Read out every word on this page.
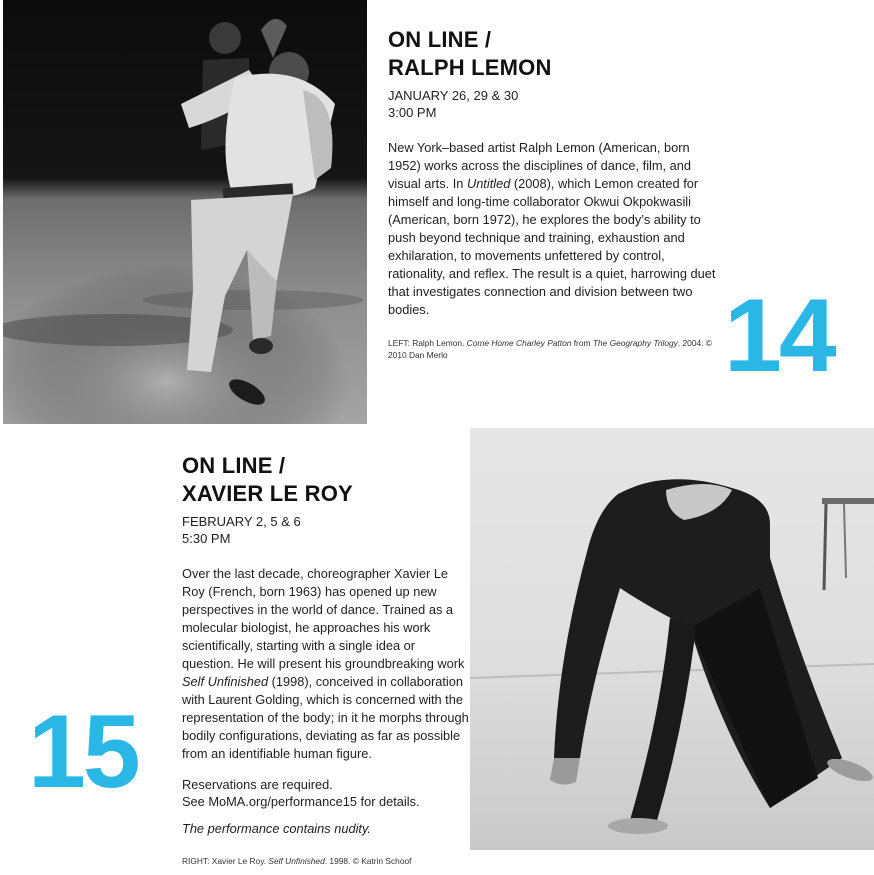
ON LINE /
RALPH LEMON
JANUARY 26, 29 & 30
3:00 PM

New York–based artist Ralph Lemon (American, born 1952) works across the disciplines of dance, film, and visual arts. In Untitled (2008), which Lemon created for himself and long-time collaborator Okwui Okpokwasili (American, born 1972), he explores the body’s ability to push beyond technique and training, exhaustion and exhilaration, to movements unfettered by control, rationality, and reflex. The result is a quiet, harrowing duet that investigates connection and division between two bodies.

LEFT: Ralph Lemon. Come Home Charley Patton from The Geography Trilogy. 2004. © 2010 Dan Merlo	14
ON LINE /
XAVIER LE ROY
FEBRUARY 2, 5 & 6
5:30 PM

Over the last decade, choreographer Xavier Le Roy (French, born 1963) has opened up new perspectives in the world of dance. Trained as a molecular biologist, he approaches his work scientifically, starting with a single idea or question. He will present his groundbreaking work Self Unfinished (1998), conceived in collaboration with Laurent Golding, which is concerned with the representation of the body; in it he morphs through bodily configurations, deviating as far as possible from an identifiable human figure.

Reservations are required.
See MoMA.org/performance15 for details.
The performance contains nudity.

RIGHT: Xavier Le Roy. Self Unfinished. 1998. © Katrin Schoof

15
